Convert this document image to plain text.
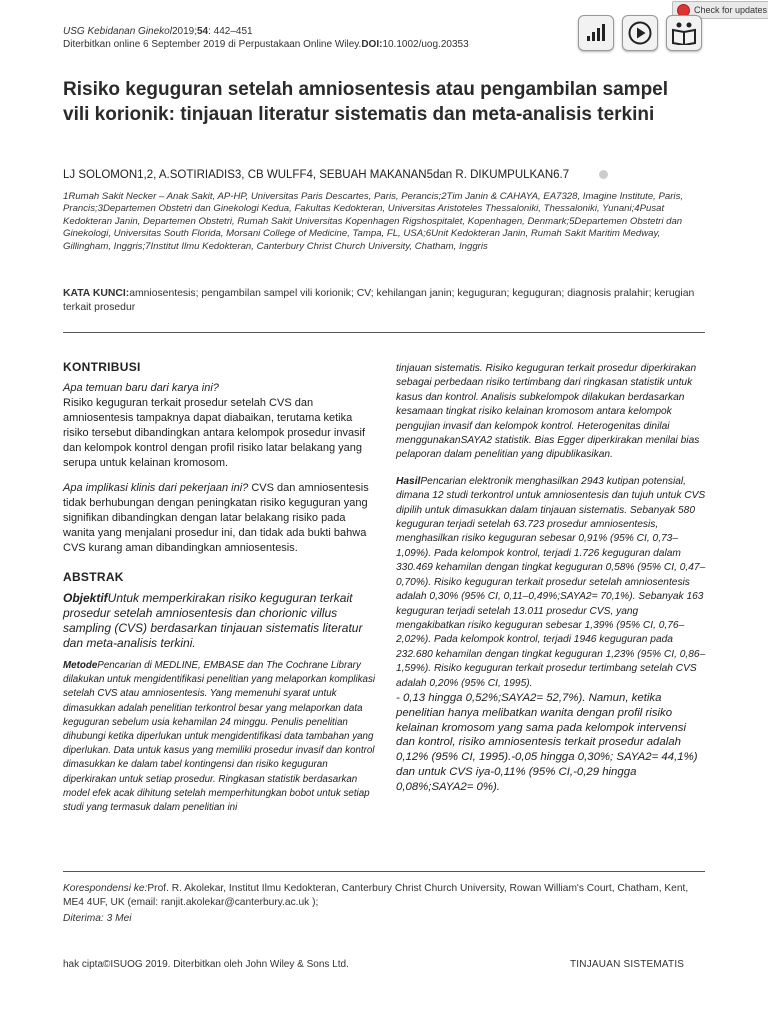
USG Kebidanan Ginekol2019;54: 442–451
Diterbitkan online 6 September 2019 di Perpustakaan Online Wiley.DOI:10.1002/uog.20353
Check for updates
Risiko keguguran setelah amniosentesis atau pengambilan sampel vili korionik: tinjauan literatur sistematis dan meta-analisis terkini
LJ SOLOMON1,2, A.SOTIRIADIS3, CB WULFF4, SEBUAH MAKANAN5dan R. DIKUMPULKAN6.7
1Rumah Sakit Necker – Anak Sakit, AP-HP, Universitas Paris Descartes, Paris, Perancis;2Tim Janin & CAHAYA, EA7328, Imagine Institute, Paris, Prancis;3Departemen Obstetri dan Ginekologi Kedua, Fakultas Kedokteran, Universitas Aristoteles Thessaloniki, Thessaloniki, Yunani;4Pusat Kedokteran Janin, Departemen Obstetri, Rumah Sakit Universitas Kopenhagen Rigshospitalet, Kopenhagen, Denmark;5Departemen Obstetri dan Ginekologi, Universitas South Florida, Morsani College of Medicine, Tampa, FL, USA;6Unit Kedokteran Janin, Rumah Sakit Maritim Medway, Gillingham, Inggris;7Institut Ilmu Kedokteran, Canterbury Christ Church University, Chatham, Inggris
KATA KUNCI:amniosentesis; pengambilan sampel vili korionik; CV; kehilangan janin; keguguran; keguguran; diagnosis pralahir; kerugian terkait prosedur
KONTRIBUSI

Apa temuan baru dari karya ini?

Risiko keguguran terkait prosedur setelah CVS dan amniosentesis tampaknya dapat diabaikan, terutama ketika risiko tersebut dibandingkan antara kelompok prosedur invasif dan kelompok kontrol dengan profil risiko latar belakang yang serupa untuk kelainan kromosom.

Apa implikasi klinis dari pekerjaan ini? CVS dan amniosentesis tidak berhubungan dengan peningkatan risiko keguguran yang signifikan dibandingkan dengan latar belakang risiko pada wanita yang menjalani prosedur ini, dan tidak ada bukti bahwa CVS kurang aman dibandingkan amniosentesis.

ABSTRAK

ObjektifUntuk memperkirakan risiko keguguran terkait prosedur setelah amniosentesis dan chorionic villus sampling (CVS) berdasarkan tinjauan sistematis literatur dan meta-analisis terkini.

MetodePencarian di MEDLINE, EMBASE dan The Cochrane Library dilakukan untuk mengidentifikasi penelitian yang melaporkan komplikasi setelah CVS atau amniosentesis. Yang memenuhi syarat untuk dimasukkan adalah penelitian terkontrol besar yang melaporkan data keguguran sebelum usia kehamilan 24 minggu. Penulis penelitian dihubungi ketika diperlukan untuk mengidentifikasi data tambahan yang diperlukan. Data untuk kasus yang memiliki prosedur invasif dan kontrol dimasukkan ke dalam tabel kontingensi dan risiko keguguran diperkirakan untuk setiap prosedur. Ringkasan statistik berdasarkan model efek acak dihitung setelah memperhitungkan bobot untuk setiap studi yang termasuk dalam penelitian ini

tinjauan sistematis. Risiko keguguran terkait prosedur diperkirakan sebagai perbedaan risiko tertimbang dari ringkasan statistik untuk kasus dan kontrol. Analisis subkelompok dilakukan berdasarkan kesamaan tingkat risiko kelainan kromosom antara kelompok pengujian invasif dan kelompok kontrol. Heterogenitas dinilai menggunakanSAYA2 statistik. Bias Egger diperkirakan menilai bias pelaporan dalam penelitian yang dipublikasikan.

HasilPencarian elektronik menghasilkan 2943 kutipan potensial, dimana 12 studi terkontrol untuk amniosentesis dan tujuh untuk CVS dipilih untuk dimasukkan dalam tinjauan sistematis. Sebanyak 580 keguguran terjadi setelah 63.723 prosedur amniosentesis, menghasilkan risiko keguguran sebesar 0,91% (95% CI, 0,73–1,09%). Pada kelompok kontrol, terjadi 1.726 keguguran dalam 330.469 kehamilan dengan tingkat keguguran 0,58% (95% CI, 0,47–0,70%). Risiko keguguran terkait prosedur setelah amniosentesis adalah 0,30% (95% CI, 0,11–0,49%;SAYA2= 70,1%). Sebanyak 163 keguguran terjadi setelah 13.011 prosedur CVS, yang mengakibatkan risiko keguguran sebesar 1,39% (95% CI, 0,76–2,02%). Pada kelompok kontrol, terjadi 1946 keguguran pada 232.680 kehamilan dengan tingkat keguguran 1,23% (95% CI, 0,86–1,59%). Risiko keguguran terkait prosedur tertimbang setelah CVS adalah 0,20% (95% CI, 1995).

- 0,13 hingga 0,52%;SAYA2= 52,7%). Namun, ketika penelitian hanya melibatkan wanita dengan profil risiko kelainan kromosom yang sama pada kelompok intervensi dan kontrol, risiko amniosentesis terkait prosedur adalah 0,12% (95% CI, 1995).-0,05 hingga 0,30%; SAYA2= 44,1%) dan untuk CVS iya-0,11% (95% CI,-0,29 hingga 0,08%;SAYA2= 0%).

Korespondensi ke:Prof. R. Akolekar, Institut Ilmu Kedokteran, Canterbury Christ Church University, Rowan William's Court, Chatham, Kent, ME4 4UF, UK (email: ranjit.akolekar@canterbury.ac.uk );
Diterima: 3 Mei
hak cipta©ISUOG 2019. Diterbitkan oleh John Wiley & Sons Ltd.	TINJAUAN SISTEMATIS
